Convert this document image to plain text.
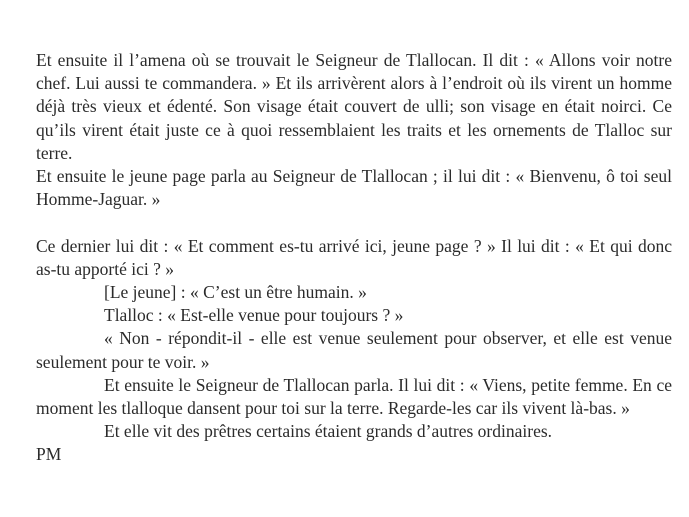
Et ensuite il l’amena où se trouvait le Seigneur de Tlallocan. Il dit : « Allons voir notre chef. Lui aussi te commandera. » Et ils arrivèrent alors à l’endroit où ils virent un homme déjà très vieux et édenté. Son visage était couvert de ulli; son visage en était noirci. Ce qu’ils virent était juste ce à quoi ressemblaient les traits et les ornements de Tlalloc sur terre.

Et ensuite le jeune page parla au Seigneur de Tlallocan ; il lui dit : « Bienvenu, ô toi seul Homme-Jaguar. »

Ce dernier lui dit : « Et comment es-tu arrivé ici, jeune page ? » Il lui dit : « Et qui donc as-tu apporté ici ? »

[Le jeune] : « C’est un être humain. »

Tlalloc : « Est-elle venue pour toujours ? »

« Non - répondit-il - elle est venue seulement pour observer, et elle est venue seulement pour te voir. »

Et ensuite le Seigneur de Tlallocan parla. Il lui dit : « Viens, petite femme. En ce moment les tlalloque dansent pour toi sur la terre. Regarde-les car ils vivent là-bas. »

Et elle vit des prêtres certains étaient grands d’autres ordinaires.

PM
